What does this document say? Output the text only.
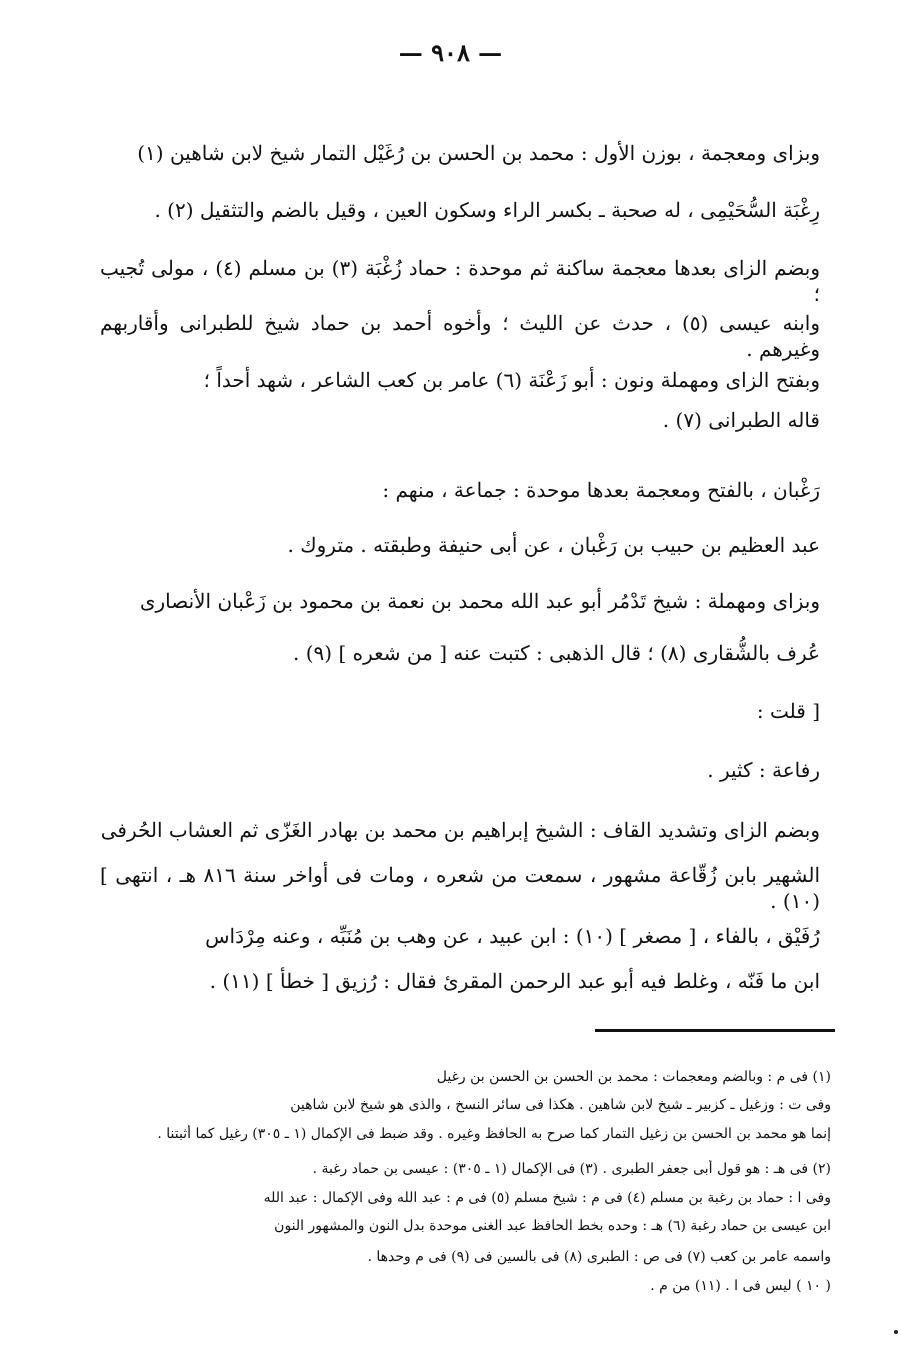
— ٩٠٨ —
وبزاى ومعجمة ، بوزن الأول : محمد بن الحسن بن رُغَيْل التمار شيخ لابن شاهين (١)
رِغْبَة السُّحَيْمِى ، له صحبة ـ بكسر الراء وسكون العين ، وقيل بالضم والتثقيل (٢) .
وبضم الزاى بعدها معجمة ساكنة ثم موحدة : حماد زُغْبَة (٣) بن مسلم (٤) ، مولى تُجيب ؛
وابنه عيسى (٥) ، حدث عن الليث ؛ وأخوه أحمد بن حماد شيخ للطبرانى وأقاربهم وغيرهم .
وبفتح الزاى ومهملة ونون : أبو زَعْنَة (٦) عامر بن كعب الشاعر ، شهد أحداً ؛
قاله الطبرانى (٧) .
رَغْبان ، بالفتح ومعجمة بعدها موحدة : جماعة ، منهم :
عبد العظيم بن حبيب بن رَغْبان ، عن أبى حنيفة وطبقته . متروك .
وبزاى ومهملة : شيخ تَدْمُر أبو عبد الله محمد بن نعمة بن محمود بن زَعْبان الأنصارى
عُرف بالشُّقارى (٨) ؛ قال الذهبى : كتبت عنه [ من شعره ] (٩) .
[ قلت :
رفاعة : كثير .
وبضم الزاى وتشديد القاف : الشيخ إبراهيم بن محمد بن بهادر الغَزّى ثم العشاب الحُرفى
الشهير بابن زُقّاعة مشهور ، سمعت من شعره ، ومات فى أواخر سنة ٨١٦ هـ ، انتهى ] (١٠) .
رُفَيْق ، بالفاء ، [ مصغر ] (١٠) : ابن عبيد ، عن وهب بن مُنَبِّه ، وعنه مِرْدَاس
ابن ما فَنّه ، وغلط فيه أبو عبد الرحمن المقرئ فقال : رُزيق [ خطأ ] (١١) .
(١) فى م : وبالضم ومعجمات : محمد بن الحسن بن الحسن بن رغيل
وفى ت : وزغيل ـ كزبير ـ شيخ لابن شاهين . هكذا فى سائر النسخ ، والذى هو شيخ لابن شاهين
إنما هو محمد بن الحسن بن زغيل التمار كما صرح به الحافظ وغيره . وقد ضبط فى الإكمال (١ ـ ٣٠٥) رغيل كما أثبتنا .
(٢) فى هـ : هو قول أبى جعفر الطبرى . (٣) فى الإكمال (١ ـ ٣٠٥) : عيسى بن حماد رغبة .
وفى ا : حماد بن رغبة بن مسلم (٤) فى م : شيخ مسلم (٥) فى م : عبد الله وفى الإكمال : عبد الله
ابن عيسى بن حماد رغبة (٦) هـ : وحده بخط الحافظ عبد الغنى موحدة بدل النون والمشهور النون
واسمه عامر بن كعب (٧) فى ص : الطبرى (٨) فى بالسين فى (٩) فى م وحدها .
( ١٠ ) ليس فى ا . (١١) من م .
